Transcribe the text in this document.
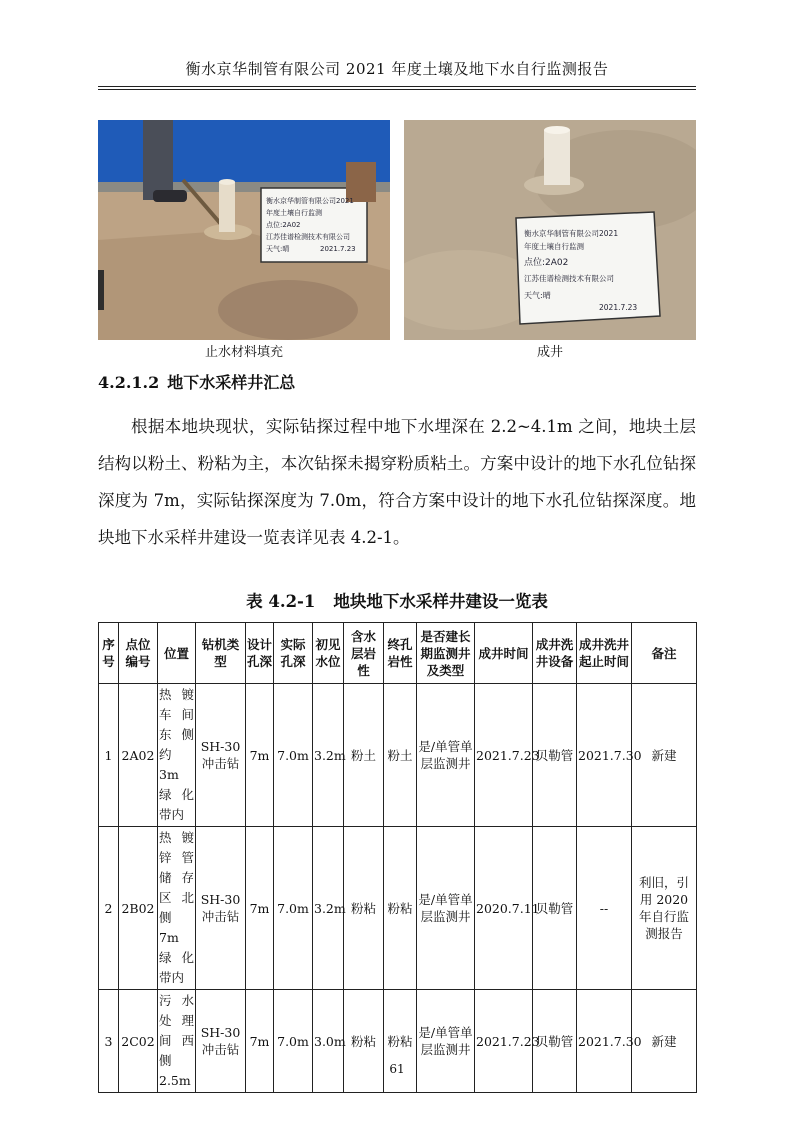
衡水京华制管有限公司 2021 年度土壤及地下水自行监测报告
衡水京华制管有限公司2021
年度土壤自行监测
点位:2A02
江苏佳谱检测技术有限公司
天气:晴	2021.7.23
止水材料填充
衡水京华制管有限公司2021
年度土壤自行监测
点位:2A02
江苏佳谱检测技术有限公司
天气:晴
2021.7.23
成井
4.2.1.2 地下水采样井汇总
根据本地块现状，实际钻探过程中地下水埋深在 2.2~4.1m 之间，地块土层结构以粉土、粉粘为主，本次钻探未揭穿粉质粘土。方案中设计的地下水孔位钻探深度为 7m，实际钻探深度为 7.0m，符合方案中设计的地下水孔位钻探深度。地块地下水采样井建设一览表详见表 4.2-1。
表 4.2-1 地块地下水采样井建设一览表
序号	点位编号	位置	钻机类型	设计孔深	实际孔深	初见水位	含水层岩性	终孔岩性	是否建长期监测井及类型	成井时间	成井洗井设备	成井洗井起止时间	备注
1	2A02	热镀车间东侧约 3m 绿化带内	SH-30 冲击钻	7m	7.0m	3.2m	粉土	粉土	是/单管单层监测井	2021.7.23	贝勒管	2021.7.30	新建
2	2B02	热镀锌管储存区北侧 7m 绿化带内	SH-30 冲击钻	7m	7.0m	3.2m	粉粘	粉粘	是/单管单层监测井	2020.7.11	贝勒管	--	利旧，引用 2020 年自行监测报告
3	2C02	污水处理间西侧2.5m	SH-30 冲击钻	7m	7.0m	3.0m	粉粘	粉粘	是/单管单层监测井	2021.7.23	贝勒管	2021.7.30	新建
61
